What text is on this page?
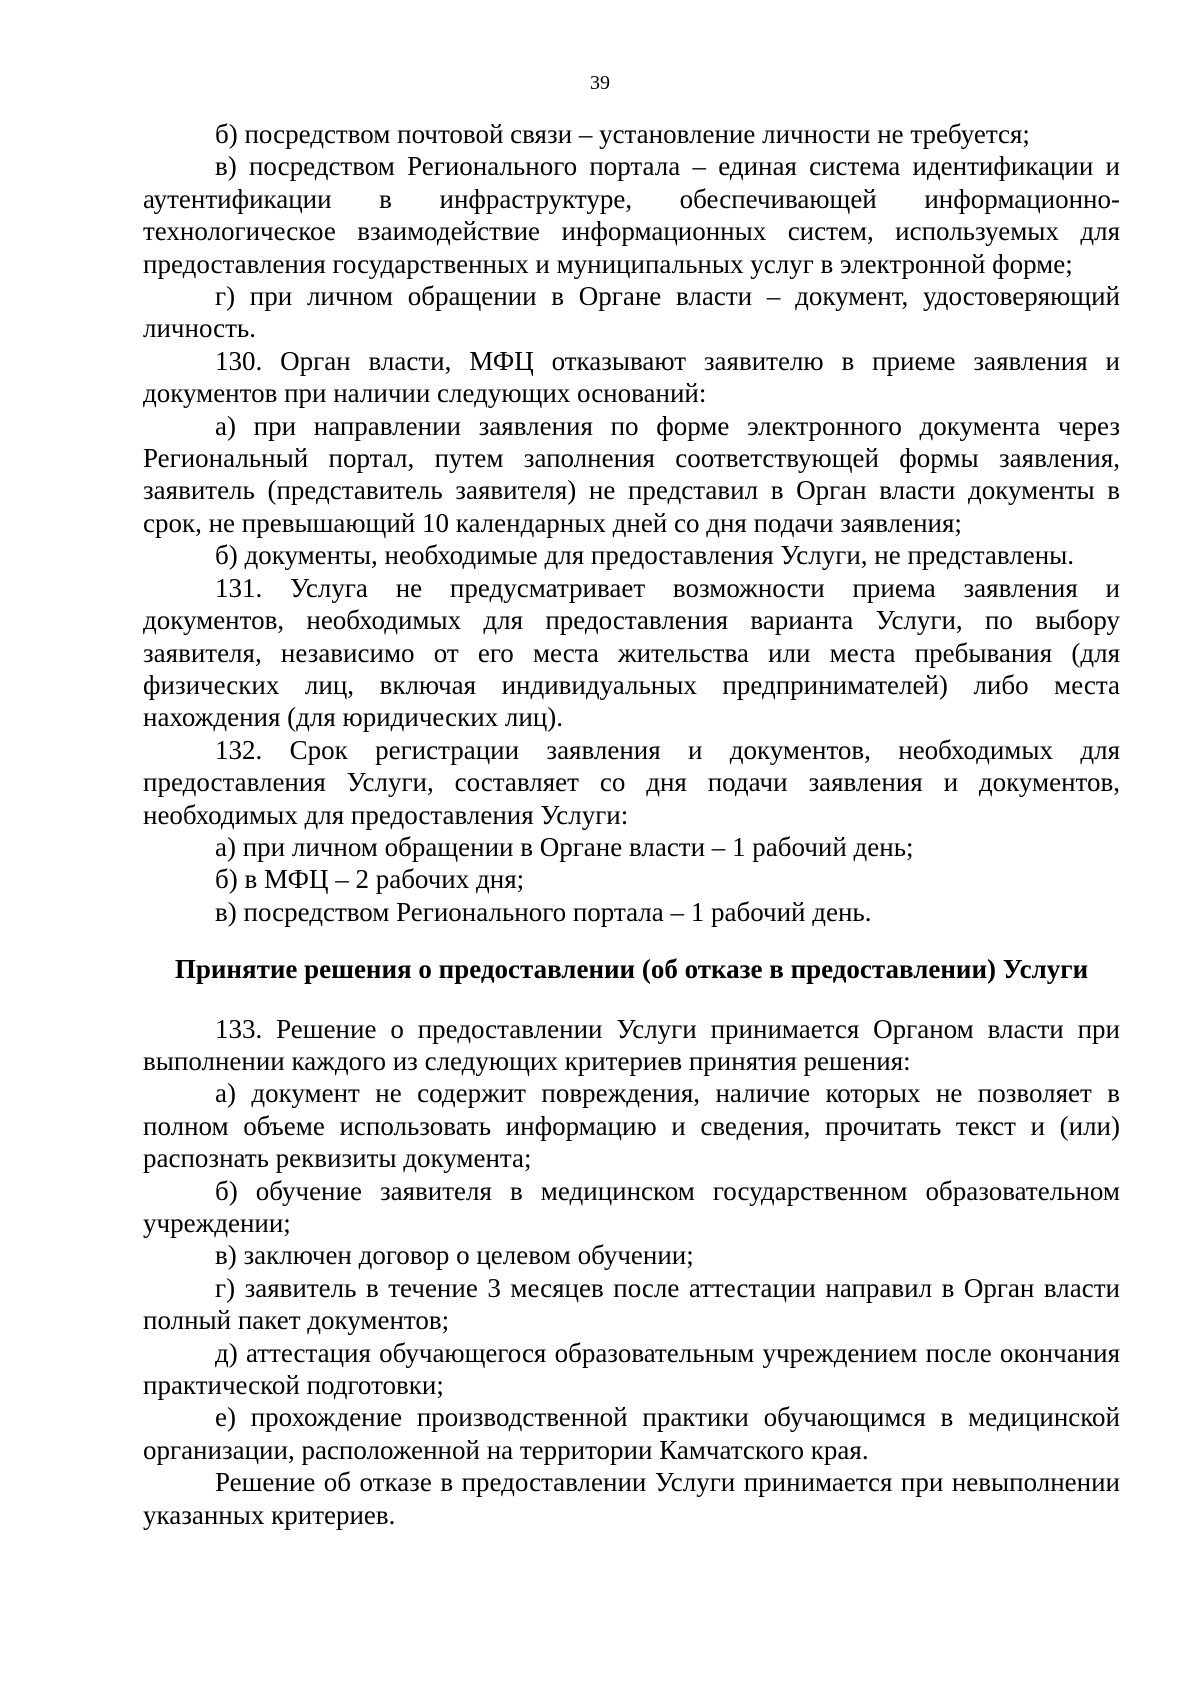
39

б) посредством почтовой связи – установление личности не требуется;

в) посредством Регионального портала – единая система идентификации и аутентификации в инфраструктуре, обеспечивающей информационно-технологическое взаимодействие информационных систем, используемых для предоставления государственных и муниципальных услуг в электронной форме;

г) при личном обращении в Органе власти – документ, удостоверяющий личность.

130. Орган власти, МФЦ отказывают заявителю в приеме заявления и документов при наличии следующих оснований:

а) при направлении заявления по форме электронного документа через Региональный портал, путем заполнения соответствующей формы заявления, заявитель (представитель заявителя) не представил в Орган власти документы в срок, не превышающий 10 календарных дней со дня подачи заявления;

б) документы, необходимые для предоставления Услуги, не представлены.

131. Услуга не предусматривает возможности приема заявления и документов, необходимых для предоставления варианта Услуги, по выбору заявителя, независимо от его места жительства или места пребывания (для физических лиц, включая индивидуальных предпринимателей) либо места нахождения (для юридических лиц).

132. Срок регистрации заявления и документов, необходимых для предоставления Услуги, составляет со дня подачи заявления и документов, необходимых для предоставления Услуги:

а) при личном обращении в Органе власти – 1 рабочий день;

б) в МФЦ – 2 рабочих дня;

в) посредством Регионального портала – 1 рабочий день.

Принятие решения о предоставлении (об отказе в предоставлении) Услуги

133. Решение о предоставлении Услуги принимается Органом власти при выполнении каждого из следующих критериев принятия решения:

а) документ не содержит повреждения, наличие которых не позволяет в полном объеме использовать информацию и сведения, прочитать текст и (или) распознать реквизиты документа;

б) обучение заявителя в медицинском государственном образовательном учреждении;

в) заключен договор о целевом обучении;

г) заявитель в течение 3 месяцев после аттестации направил в Орган власти полный пакет документов;

д) аттестация обучающегося образовательным учреждением после окончания практической подготовки;

е) прохождение производственной практики обучающимся в медицинской организации, расположенной на территории Камчатского края.

Решение об отказе в предоставлении Услуги принимается при невыполнении указанных критериев.
